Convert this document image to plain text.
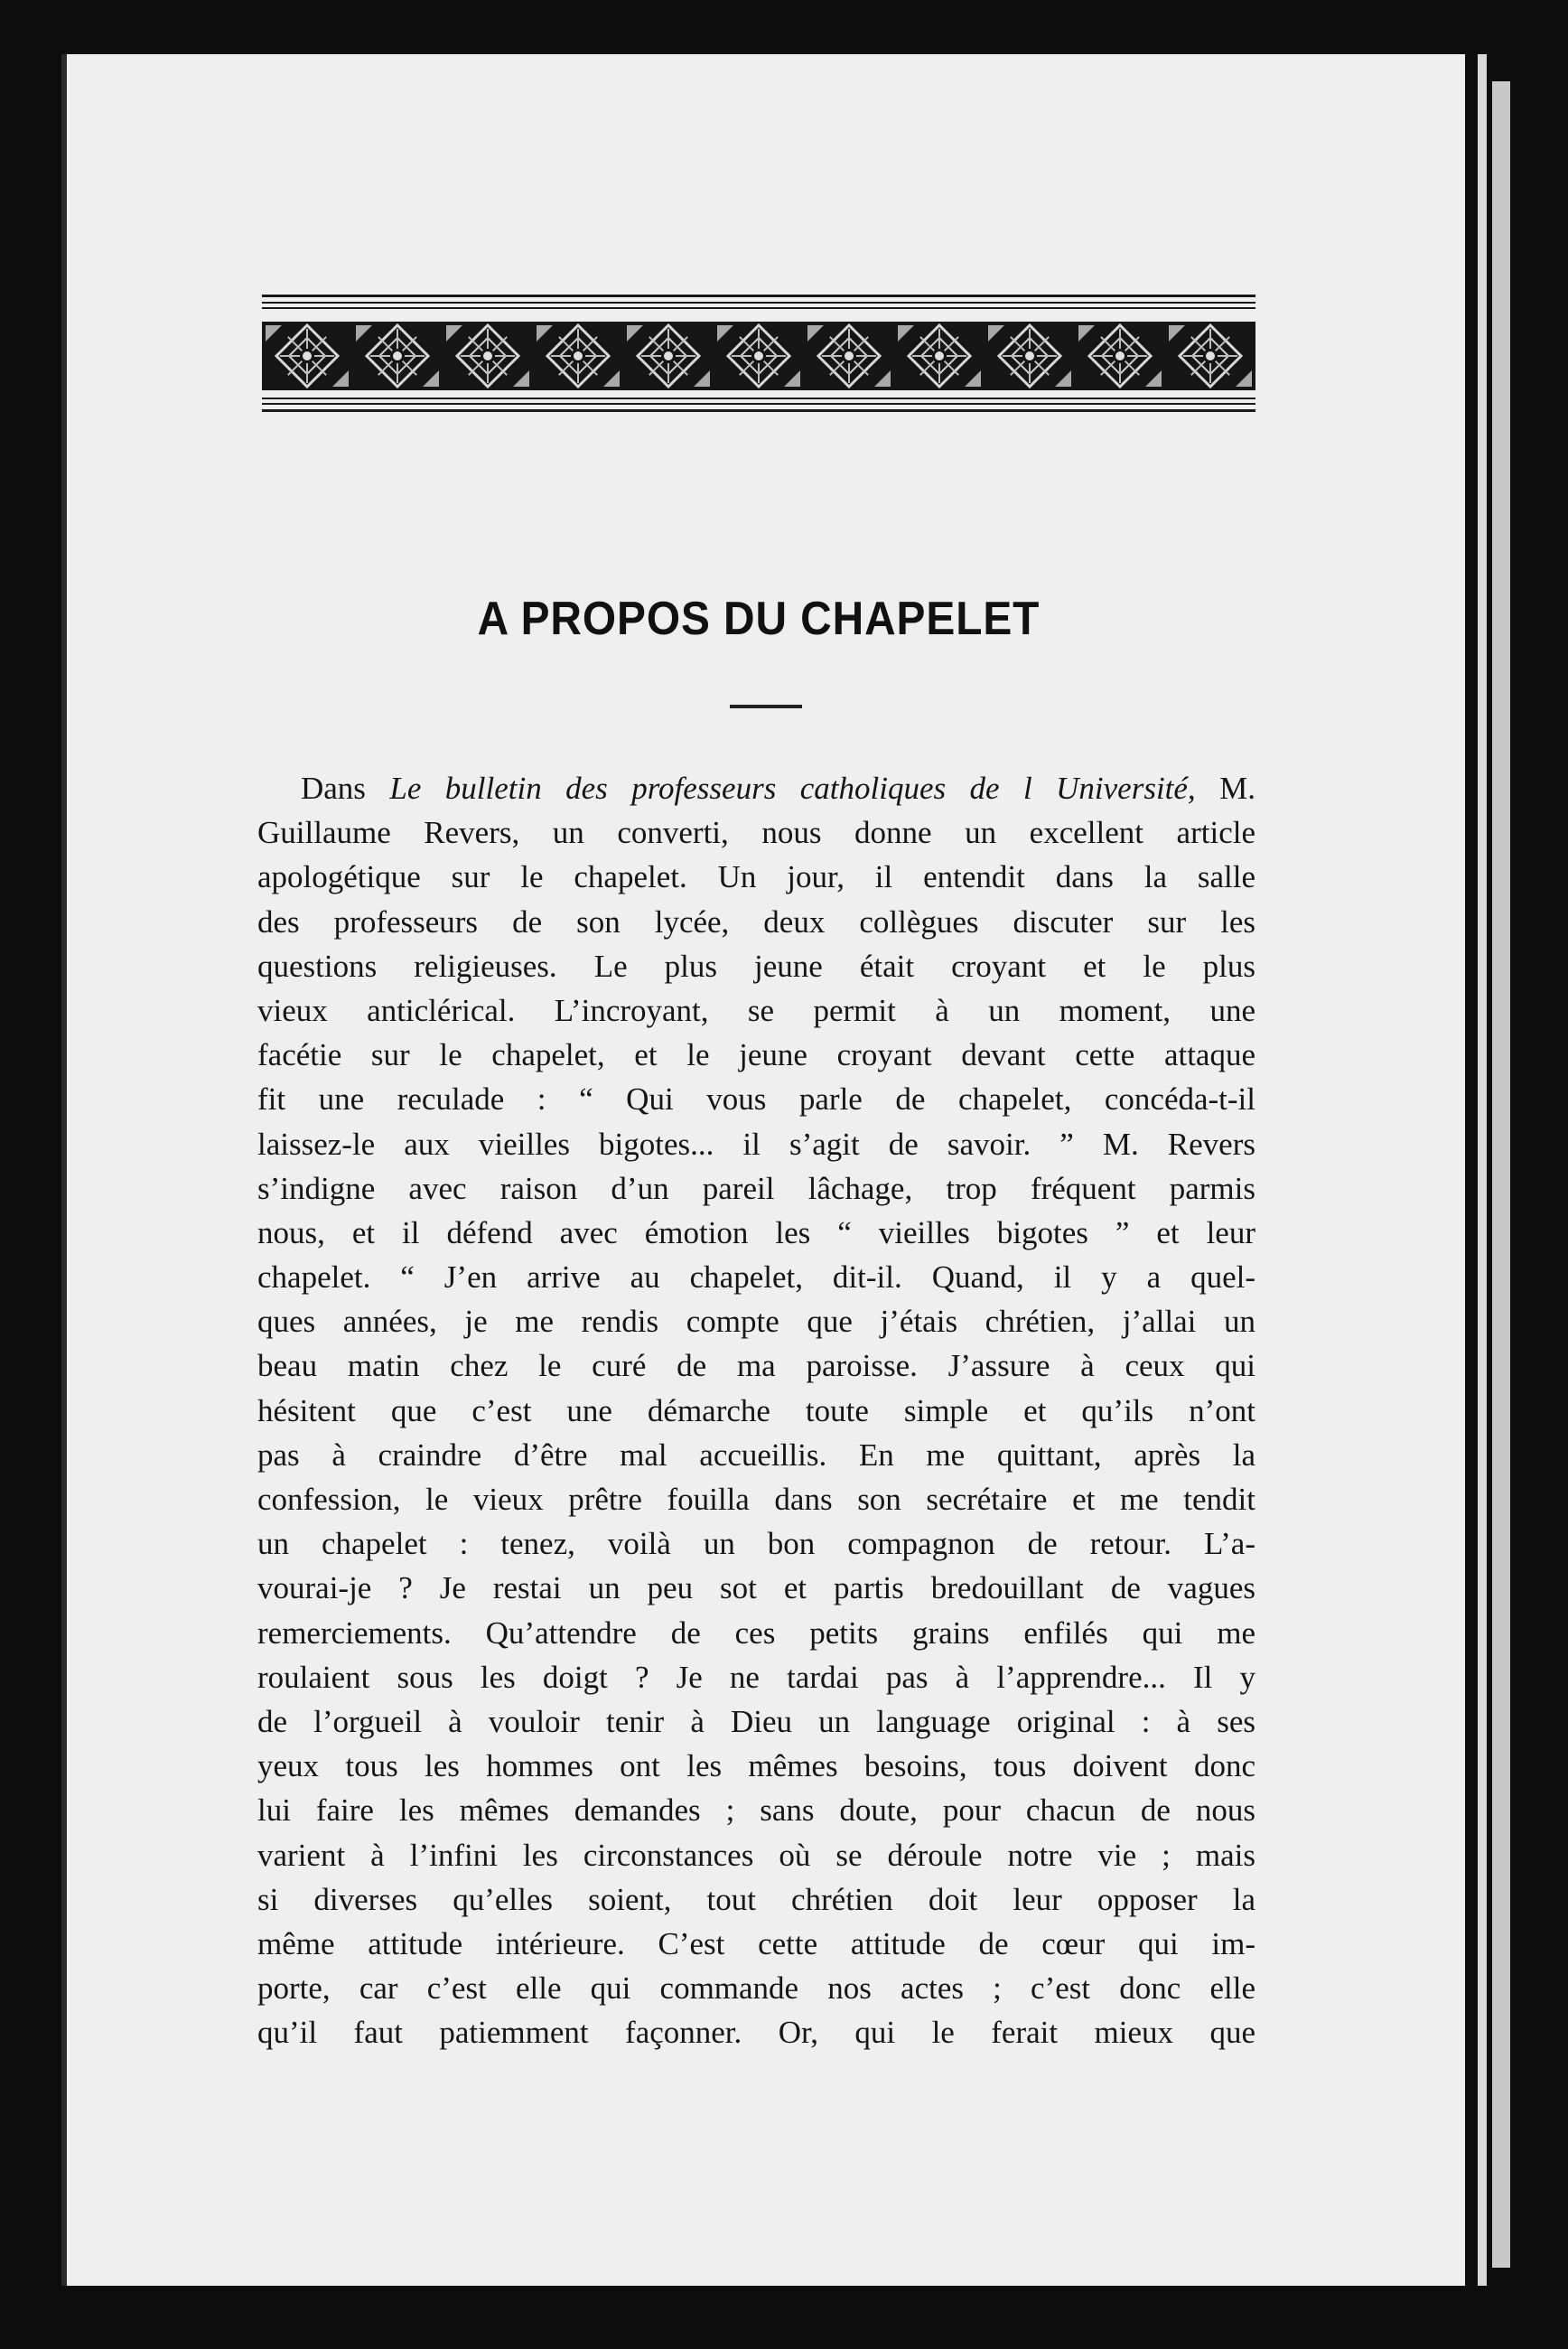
A PROPOS DU CHAPELET
Dans Le bulletin des professeurs catholiques de l Université, M.
Guillaume Revers, un converti, nous donne un excellent article
apologétique sur le chapelet. Un jour, il entendit dans la salle
des professeurs de son lycée, deux collègues discuter sur les
questions religieuses. Le plus jeune était croyant et le plus
vieux anticlérical. L’incroyant, se permit à un moment, une
facétie sur le chapelet, et le jeune croyant devant cette attaque
fit une reculade : “ Qui vous parle de chapelet, concéda-t-il
laissez-le aux vieilles bigotes... il s’agit de savoir. ” M. Revers
s’indigne avec raison d’un pareil lâchage, trop fréquent parmis
nous, et il défend avec émotion les “ vieilles bigotes ” et leur
chapelet. “ J’en arrive au chapelet, dit-il. Quand, il y a quel-
ques années, je me rendis compte que j’étais chrétien, j’allai un
beau matin chez le curé de ma paroisse. J’assure à ceux qui
hésitent que c’est une démarche toute simple et qu’ils n’ont
pas à craindre d’être mal accueillis. En me quittant, après la
confession, le vieux prêtre fouilla dans son secrétaire et me tendit
un chapelet : tenez, voilà un bon compagnon de retour. L’a-
vourai-je ? Je restai un peu sot et partis bredouillant de vagues
remerciements. Qu’attendre de ces petits grains enfilés qui me
roulaient sous les doigt ? Je ne tardai pas à l’apprendre... Il y
de l’orgueil à vouloir tenir à Dieu un language original : à ses
yeux tous les hommes ont les mêmes besoins, tous doivent donc
lui faire les mêmes demandes ; sans doute, pour chacun de nous
varient à l’infini les circonstances où se déroule notre vie ; mais
si diverses qu’elles soient, tout chrétien doit leur opposer la
même attitude intérieure. C’est cette attitude de cœur qui im-
porte, car c’est elle qui commande nos actes ; c’est donc elle
qu’il faut patiemment façonner. Or, qui le ferait mieux que
